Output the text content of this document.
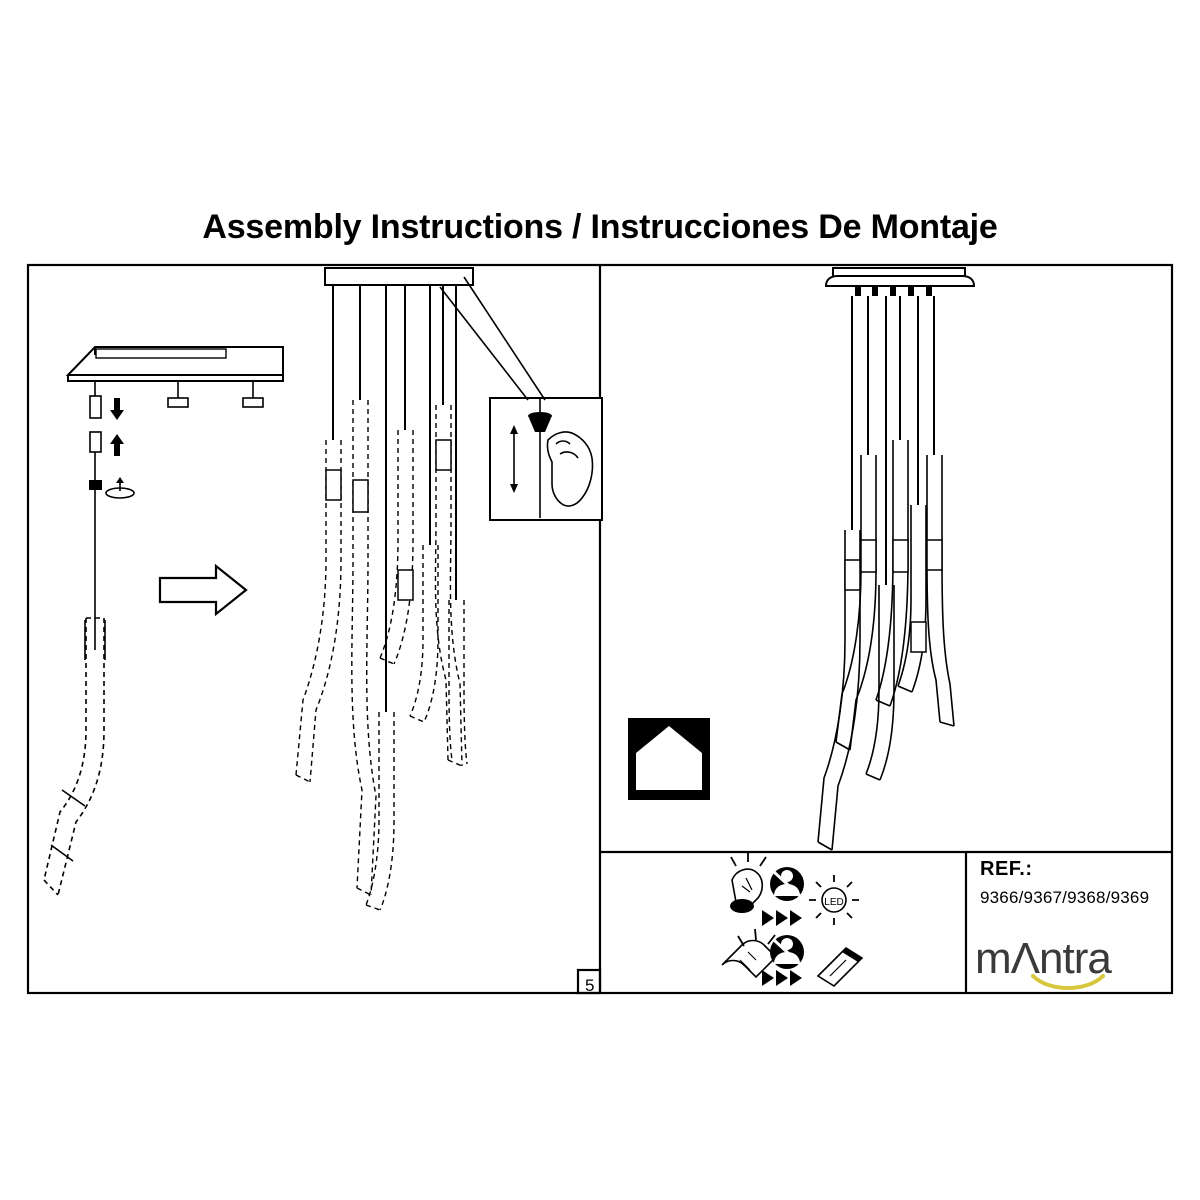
Assembly Instructions / Instrucciones De Montaje
LED
REF.:
9366/9367/9368/9369
5
mΛntra
